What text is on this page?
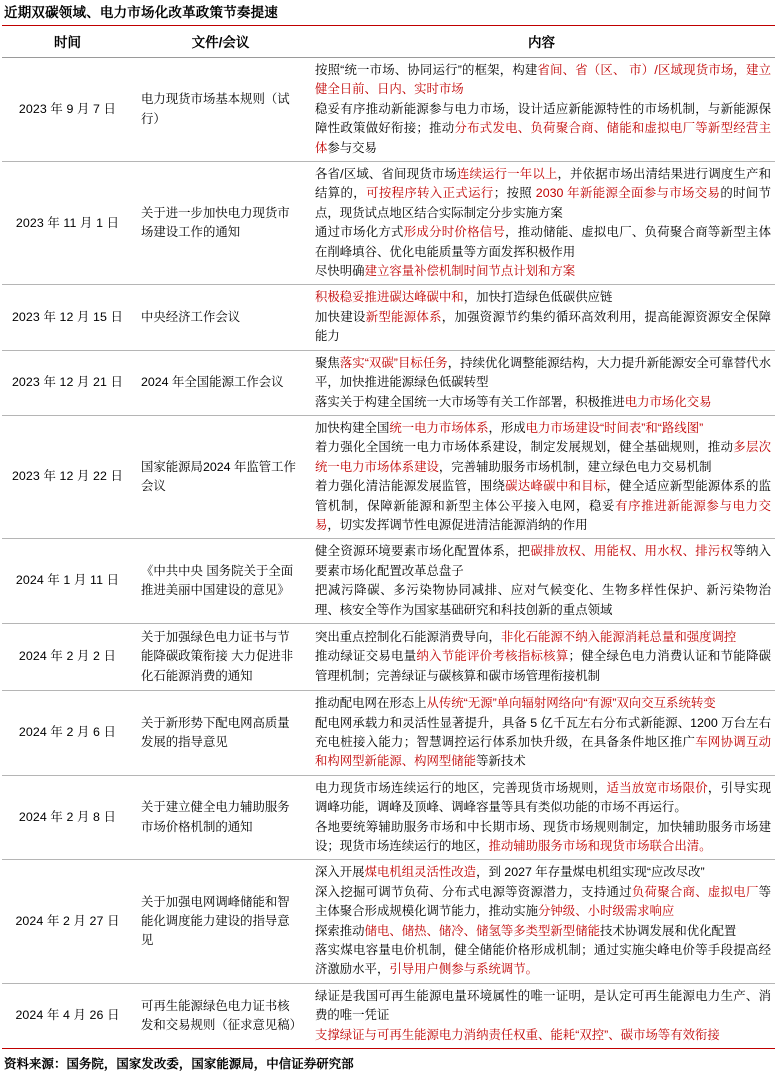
近期双碳领域、电力市场化改革政策节奏提速
时间	文件/会议	内容
2023 年 9 月 7 日	电力现货市场基本规则（试行）	按照“统一市场、协同运行”的框架，构建省间、省（区、 市）/区域现货市场，建立健全日前、日内、实时市场

稳妥有序推动新能源参与电力市场，设计适应新能源特性的市场机制，与新能源保障性政策做好衔接；推动分布式发电、负荷聚合商、储能和虚拟电厂等新型经营主体参与交易

2023 年 11 月 1 日	关于进一步加快电力现货市场建设工作的通知	各省/区域、省间现货市场连续运行一年以上，并依据市场出清结果进行调度生产和结算的，可按程序转入正式运行；按照 2030 年新能源全面参与市场交易的时间节点，现货试点地区结合实际制定分步实施方案

通过市场化方式形成分时价格信号，推动储能、虚拟电厂、负荷聚合商等新型主体在削峰填谷、优化电能质量等方面发挥积极作用

尽快明确建立容量补偿机制时间节点计划和方案

2023 年 12 月 15 日	中央经济工作会议	积极稳妥推进碳达峰碳中和，加快打造绿色低碳供应链

加快建设新型能源体系，加强资源节约集约循环高效利用，提高能源资源安全保障能力

2023 年 12 月 21 日	2024 年全国能源工作会议	聚焦落实“双碳”目标任务，持续优化调整能源结构，大力提升新能源安全可靠替代水平，加快推进能源绿色低碳转型

落实关于构建全国统一大市场等有关工作部署，积极推进电力市场化交易

2023 年 12 月 22 日	国家能源局2024 年监管工作会议	加快构建全国统一电力市场体系，形成电力市场建设“时间表”和“路线图”

着力强化全国统一电力市场体系建设，制定发展规划，健全基础规则，推动多层次统一电力市场体系建设，完善辅助服务市场机制，建立绿色电力交易机制

着力强化清洁能源发展监管，围绕碳达峰碳中和目标，健全适应新型能源体系的监管机制，保障新能源和新型主体公平接入电网，稳妥有序推进新能源参与电力交易，切实发挥调节性电源促进清洁能源消纳的作用

2024 年 1 月 11 日	《中共中央 国务院关于全面推进美丽中国建设的意见》	健全资源环境要素市场化配置体系，把碳排放权、用能权、用水权、排污权等纳入要素市场化配置改革总盘子

把减污降碳、多污染物协同减排、应对气候变化、生物多样性保护、新污染物治理、核安全等作为国家基础研究和科技创新的重点领域

2024 年 2 月 2 日	关于加强绿色电力证书与节能降碳政策衔接 大力促进非化石能源消费的通知	突出重点控制化石能源消费导向，非化石能源不纳入能源消耗总量和强度调控

推动绿证交易电量纳入节能评价考核指标核算；健全绿色电力消费认证和节能降碳管理机制；完善绿证与碳核算和碳市场管理衔接机制

2024 年 2 月 6 日	关于新形势下配电网高质量发展的指导意见	推动配电网在形态上从传统“无源”单向辐射网络向“有源”双向交互系统转变

配电网承载力和灵活性显著提升，具备 5 亿千瓦左右分布式新能源、1200 万台左右充电桩接入能力；智慧调控运行体系加快升级，在具备条件地区推广车网协调互动和构网型新能源、构网型储能等新技术

2024 年 2 月 8 日	关于建立健全电力辅助服务市场价格机制的通知	电力现货市场连续运行的地区，完善现货市场规则，适当放宽市场限价，引导实现调峰功能，调峰及顶峰、调峰容量等具有类似功能的市场不再运行。

各地要统筹辅助服务市场和中长期市场、现货市场规则制定，加快辅助服务市场建设；现货市场连续运行的地区，推动辅助服务市场和现货市场联合出清。

2024 年 2 月 27 日	关于加强电网调峰储能和智能化调度能力建设的指导意见	深入开展煤电机组灵活性改造，到 2027 年存量煤电机组实现“应改尽改”

深入挖掘可调节负荷、分布式电源等资源潜力，支持通过负荷聚合商、虚拟电厂等主体聚合形成规模化调节能力，推动实施分钟级、小时级需求响应

探索推动储电、储热、储冷、储氢等多类型新型储能技术协调发展和优化配置

落实煤电容量电价机制，健全储能价格形成机制；通过实施尖峰电价等手段提高经济激励水平，引导用户侧参与系统调节。

2024 年 4 月 26 日	可再生能源绿色电力证书核发和交易规则（征求意见稿）	绿证是我国可再生能源电量环境属性的唯一证明，是认定可再生能源电力生产、消费的唯一凭证

支撑绿证与可再生能源电力消纳责任权重、能耗“双控”、碳市场等有效衔接

资料来源：国务院，国家发改委，国家能源局，中信证券研究部
